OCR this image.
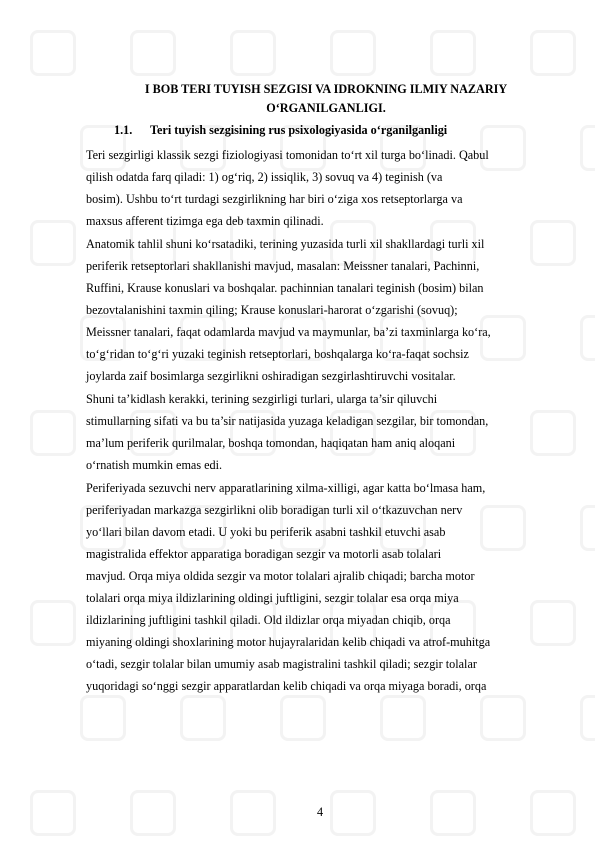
I BOB TERI TUYISH SEZGISI VA IDROKNING ILMIY NAZARIY
O‘RGANILGANLIGI.
1.1. Teri tuyish sezgisining rus psixologiyasida o‘rganilganligi

Teri sezgirligi klassik sezgi fiziologiyasi tomonidan to‘rt xil turga bo‘linadi. Qabul
qilish odatda farq qiladi: 1) og‘riq, 2) issiqlik, 3) sovuq va 4) teginish (va
bosim). Ushbu to‘rt turdagi sezgirlikning har biri o‘ziga xos retseptorlarga va
maxsus afferent tizimga ega deb taxmin qilinadi.

Anatomik tahlil shuni ko‘rsatadiki, terining yuzasida turli xil shakllardagi turli xil
periferik retseptorlari shakllanishi mavjud, masalan: Meissner tanalari, Pachinni,
Ruffini, Krause konuslari va boshqalar. pachinnian tanalari teginish (bosim) bilan
bezovtalanishini taxmin qiling; Krause konuslari-harorat o‘zgarishi (sovuq);
Meissner tanalari, faqat odamlarda mavjud va maymunlar, ba’zi taxminlarga ko‘ra,
to‘g‘ridan to‘g‘ri yuzaki teginish retseptorlari, boshqalarga ko‘ra-faqat sochsiz
joylarda zaif bosimlarga sezgirlikni oshiradigan sezgirlashtiruvchi vositalar.

Shuni ta’kidlash kerakki, terining sezgirligi turlari, ularga ta’sir qiluvchi
stimullarning sifati va bu ta’sir natijasida yuzaga keladigan sezgilar, bir tomondan,
ma’lum periferik qurilmalar, boshqa tomondan, haqiqatan ham aniq aloqani
o‘rnatish mumkin emas edi.

Periferiyada sezuvchi nerv apparatlarining xilma-xilligi, agar katta bo‘lmasa ham,
periferiyadan markazga sezgirlikni olib boradigan turli xil o‘tkazuvchan nerv
yo‘llari bilan davom etadi. U yoki bu periferik asabni tashkil etuvchi asab
magistralida effektor apparatiga boradigan sezgir va motorli asab tolalari
mavjud. Orqa miya oldida sezgir va motor tolalari ajralib chiqadi; barcha motor
tolalari orqa miya ildizlarining oldingi juftligini, sezgir tolalar esa orqa miya
ildizlarining juftligini tashkil qiladi. Old ildizlar orqa miyadan chiqib, orqa
miyaning oldingi shoxlarining motor hujayralaridan kelib chiqadi va atrof-muhitga
o‘tadi, sezgir tolalar bilan umumiy asab magistralini tashkil qiladi; sezgir tolalar
yuqoridagi so‘nggi sezgir apparatlardan kelib chiqadi va orqa miyaga boradi, orqa

4
